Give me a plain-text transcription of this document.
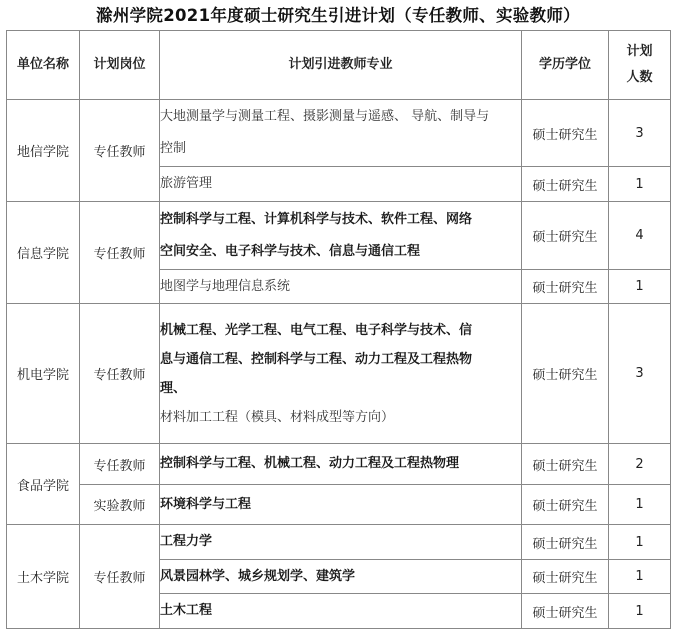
滁州学院2021年度硕士研究生引进计划（专任教师、实验教师）
单位名称	计划岗位	计划引进教师专业	学历学位	计划
人数

地信学院	专任教师	大地测量学与测量工程、摄影测量与遥感、 导航、制导与
控制	硕士研究生	3

		旅游管理	硕士研究生	1
信息学院	专任教师	控制科学与工程、计算机科学与技术、软件工程、网络
空间安全、电子科学与技术、信息与通信工程	硕士研究生	4

		地图学与地理信息系统	硕士研究生	1
机电学院	专任教师	机械工程、光学工程、电气工程、电子科学与技术、信
息与通信工程、控制科学与工程、动力工程及工程热物
理、
材料加工工程（模具、材料成型等方向）	硕士研究生	3
食品学院	专任教师	控制科学与工程、机械工程、动力工程及工程热物理	硕士研究生	2
	实验教师	环境科学与工程	硕士研究生	1
土木学院	专任教师	工程力学	硕士研究生	1

		风景园林学、城乡规划学、建筑学	硕士研究生	1

		土木工程	硕士研究生	1
